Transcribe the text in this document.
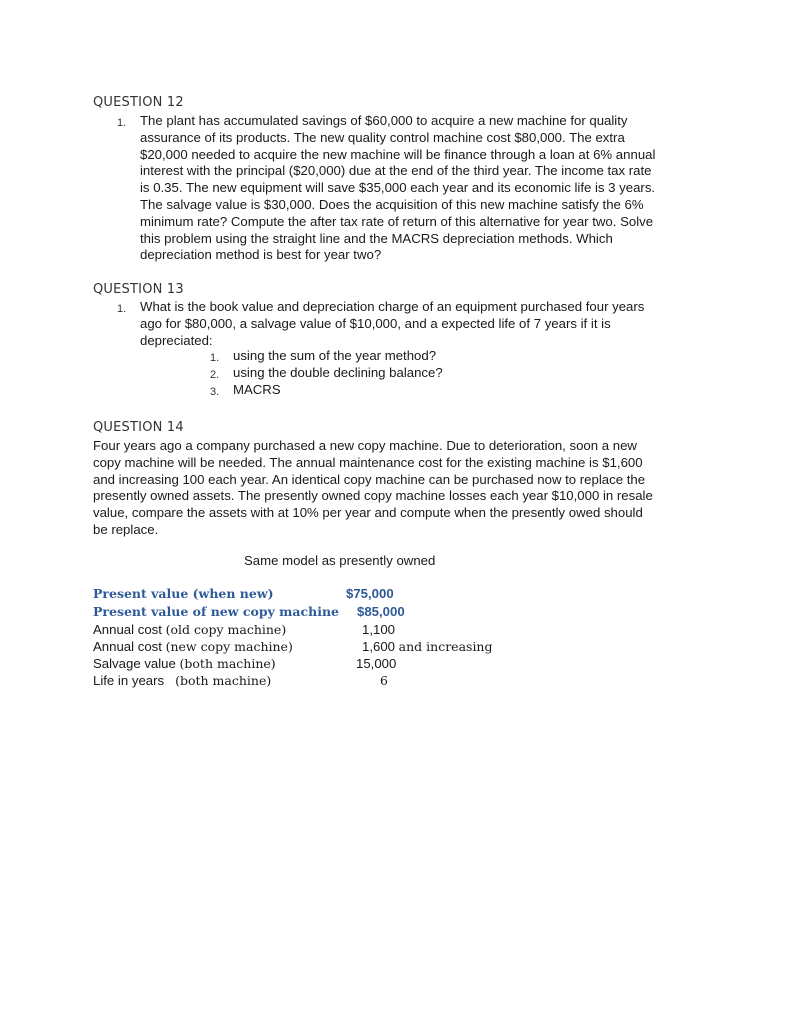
QUESTION 12
1. The plant has accumulated savings of $60,000 to acquire a new machine for quality
assurance of its products. The new quality control machine cost $80,000. The extra
$20,000 needed to acquire the new machine will be finance through a loan at 6% annual
interest with the principal ($20,000) due at the end of the third year. The income tax rate
is 0.35. The new equipment will save $35,000 each year and its economic life is 3 years.
The salvage value is $30,000. Does the acquisition of this new machine satisfy the 6%
minimum rate? Compute the after tax rate of return of this alternative for year two. Solve
this problem using the straight line and the MACRS depreciation methods. Which
depreciation method is best for year two?
QUESTION 13
1. What is the book value and depreciation charge of an equipment purchased four years
ago for $80,000, a salvage value of $10,000, and a expected life of 7 years if it is
depreciated:
1. using the sum of the year method?
2. using the double declining balance?
3. MACRS
QUESTION 14
Four years ago a company purchased a new copy machine. Due to deterioration, soon a new
copy machine will be needed. The annual maintenance cost for the existing machine is $1,600
and increasing 100 each year. An identical copy machine can be purchased now to replace the
presently owned assets. The presently owned copy machine losses each year $10,000 in resale
value, compare the assets with at 10% per year and compute when the presently owed should
be replace.
Same model as presently owned
Present value (when new)	$75,000
Present value of new copy machine $85,000
Annual cost (old copy machine)	1,100
Annual cost (new copy machine)	1,600 and increasing
Salvage value (both machine)	15,000
Life in years   (both machine)	6
